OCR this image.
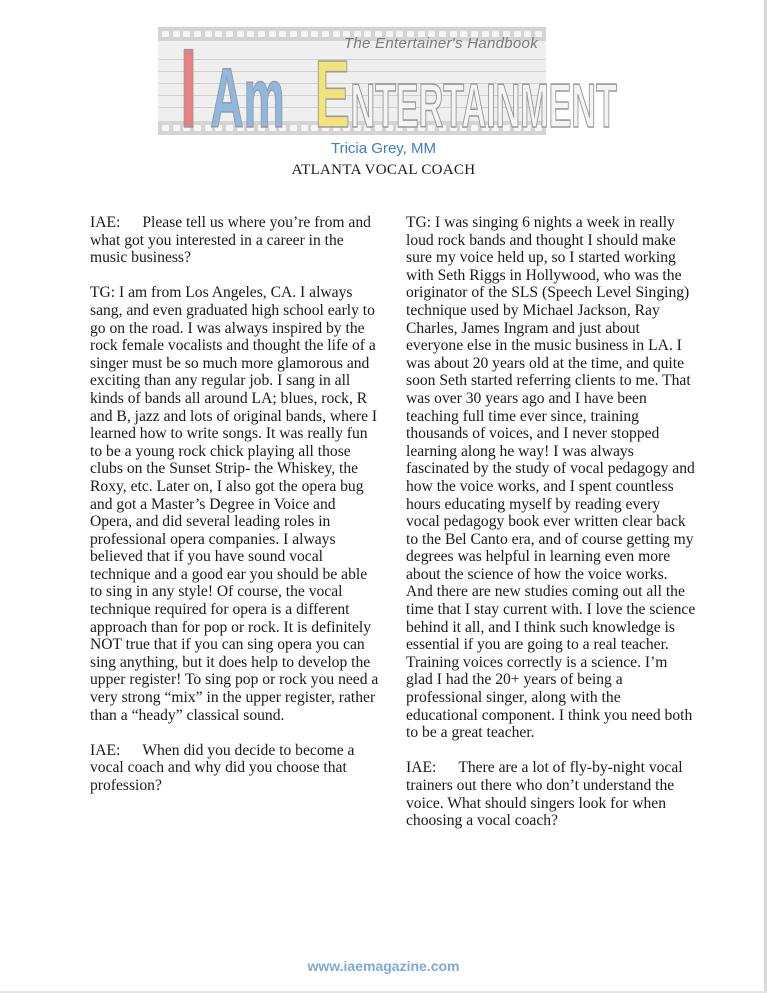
I Am E NTERTAINMENT
The Entertainer's Handbook
Tricia Grey, MM
ATLANTA VOCAL COACH

IAE: Please tell us where you’re from and what got you interested in a career in the music business?

TG: I am from Los Angeles, CA. I always sang, and even graduated high school early to go on the road. I was always inspired by the rock female vocalists and thought the life of a singer must be so much more glamorous and exciting than any regular job. I sang in all kinds of bands all around LA; blues, rock, R and B, jazz and lots of original bands, where I learned how to write songs. It was really fun to be a young rock chick playing all those clubs on the Sunset Strip- the Whiskey, the Roxy, etc. Later on, I also got the opera bug and got a Master’s Degree in Voice and Opera, and did several leading roles in professional opera companies. I always believed that if you have sound vocal technique and a good ear you should be able to sing in any style! Of course, the vocal technique required for opera is a different approach than for pop or rock. It is definitely NOT true that if you can sing opera you can sing anything, but it does help to develop the upper register! To sing pop or rock you need a very strong “mix” in the upper register, rather than a “heady” classical sound.

IAE: When did you decide to become a vocal coach and why did you choose that profession?

TG: I was singing 6 nights a week in really loud rock bands and thought I should make sure my voice held up, so I started working with Seth Riggs in Hollywood, who was the originator of the SLS (Speech Level Singing) technique used by Michael Jackson, Ray Charles, James Ingram and just about everyone else in the music business in LA. I was about 20 years old at the time, and quite soon Seth started referring clients to me. That was over 30 years ago and I have been teaching full time ever since, training thousands of voices, and I never stopped learning along he way! I was always fascinated by the study of vocal pedagogy and how the voice works, and I spent countless hours educating myself by reading every vocal pedagogy book ever written clear back to the Bel Canto era, and of course getting my degrees was helpful in learning even more about the science of how the voice works. And there are new studies coming out all the time that I stay current with. I love the science behind it all, and I think such knowledge is essential if you are going to a real teacher. Training voices correctly is a science. I’m glad I had the 20+ years of being a professional singer, along with the educational component. I think you need both to be a great teacher.

IAE: There are a lot of fly-by-night vocal trainers out there who don’t understand the voice. What should singers look for when choosing a vocal coach?

www.iaemagazine.com
